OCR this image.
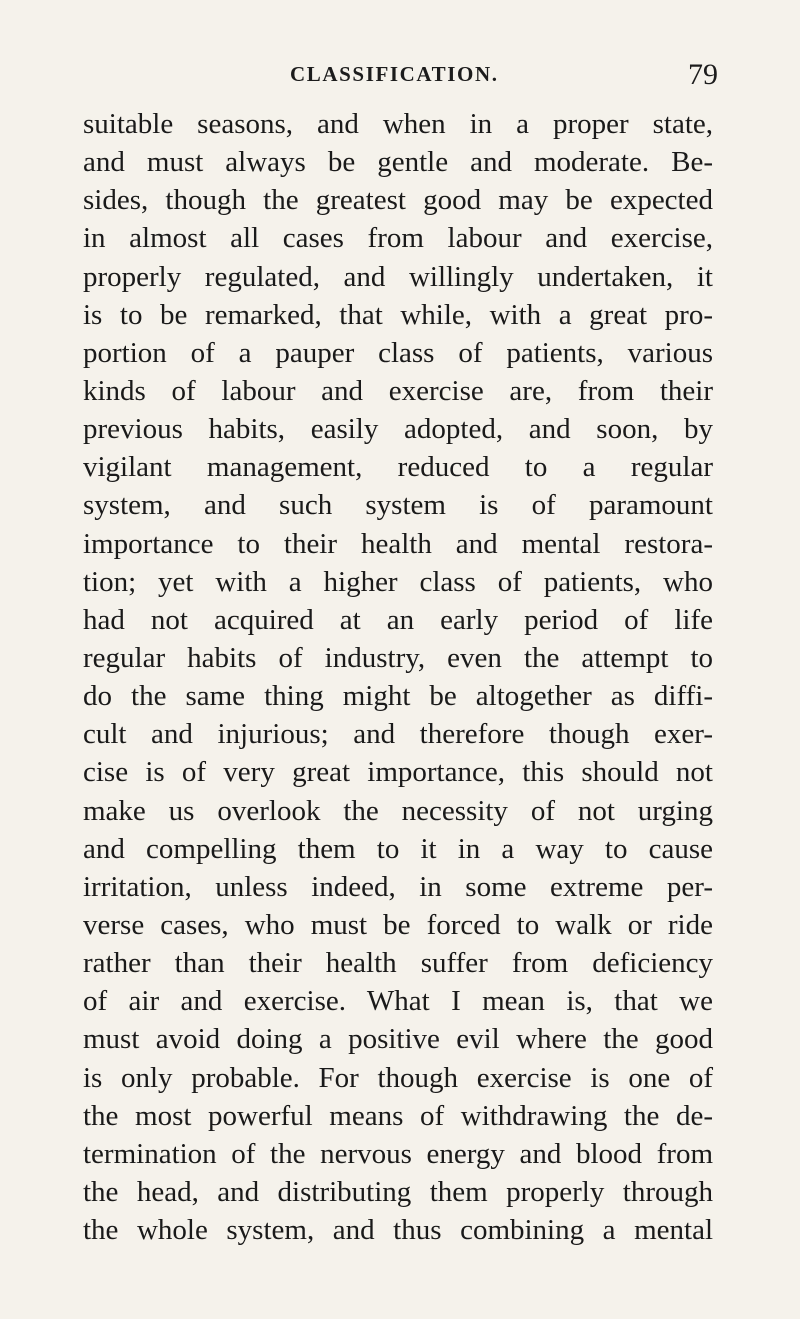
CLASSIFICATION.	79
suitable seasons, and when in a proper state,
and must always be gentle and moderate. Be-
sides, though the greatest good may be expected
in almost all cases from labour and exercise,
properly regulated, and willingly undertaken, it
is to be remarked, that while, with a great pro-
portion of a pauper class of patients, various
kinds of labour and exercise are, from their
previous habits, easily adopted, and soon, by
vigilant management, reduced to a regular
system, and such system is of paramount
importance to their health and mental restora-
tion; yet with a higher class of patients, who
had not acquired at an early period of life
regular habits of industry, even the attempt to
do the same thing might be altogether as diffi-
cult and injurious; and therefore though exer-
cise is of very great importance, this should not
make us overlook the necessity of not urging
and compelling them to it in a way to cause
irritation, unless indeed, in some extreme per-
verse cases, who must be forced to walk or ride
rather than their health suffer from deficiency
of air and exercise. What I mean is, that we
must avoid doing a positive evil where the good
is only probable. For though exercise is one of
the most powerful means of withdrawing the de-
termination of the nervous energy and blood from
the head, and distributing them properly through
the whole system, and thus combining a mental
